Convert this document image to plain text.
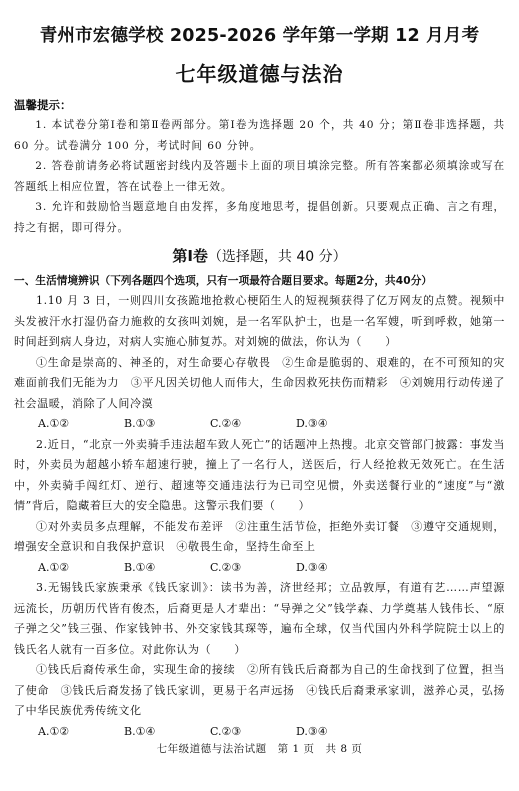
青州市宏德学校 2025-2026 学年第一学期 12 月月考
七年级道德与法治
温馨提示：

1. 本试卷分第Ⅰ卷和第Ⅱ卷两部分。第Ⅰ卷为选择题 20 个，共 40 分；第Ⅱ卷非选择题，共 60 分。试卷满分 100 分，考试时间 60 分钟。

2. 答卷前请务必将试题密封线内及答题卡上面的项目填涂完整。所有答案都必须填涂或写在答题纸上相应位置，答在试卷上一律无效。

3. 允许和鼓励恰当题意地自由发挥，多角度地思考，提倡创新。只要观点正确、言之有理，持之有据，即可得分。

第Ⅰ卷（选择题，共 40 分）

一、生活情境辨识（下列各题四个选项，只有一项最符合题目要求。每题2分，共40分）

1.10 月 3 日，一则四川女孩跪地抢救心梗陌生人的短视频获得了亿万网友的点赞。视频中头发被汗水打湿仍奋力施救的女孩叫刘婉，是一名军队护士，也是一名军嫂，听到呼救，她第一时间赶到病人身边，对病人实施心肺复苏。对刘婉的做法，你认为（　　）

①生命是崇高的、神圣的，对生命要心存敬畏　②生命是脆弱的、艰难的，在不可预知的灾难面前我们无能为力　③平凡因关切他人而伟大，生命因救死扶伤而精彩　④刘婉用行动传递了社会温暖，消除了人间冷漠

A.①②	B.①③	C.②④	D.③④

2.近日，“北京一外卖骑手违法超车致人死亡”的话题冲上热搜。北京交管部门披露：事发当时，外卖员为超越小轿车超速行驶，撞上了一名行人，送医后，行人经抢救无效死亡。在生活中，外卖骑手闯红灯、逆行、超速等交通违法行为已司空见惯，外卖送餐行业的“速度”与“激情”背后，隐藏着巨大的安全隐患。这警示我们要（　　）

①对外卖员多点理解，不能发布差评　②注重生活节俭，拒绝外卖订餐　③遵守交通规则，增强安全意识和自我保护意识　④敬畏生命，坚持生命至上

A.①②	B.①④	C.②③	D.③④

3.无锡钱氏家族秉承《钱氏家训》：读书为善，济世经邦；立品敦厚，有道有艺……声望源远流长，历朝历代皆有俊杰，后裔更是人才辈出：“导弹之父”钱学森、力学奠基人钱伟长、“原子弹之父”钱三强、作家钱钟书、外交家钱其琛等，遍布全球，仅当代国内外科学院院士以上的钱氏名人就有一百多位。对此你认为（　　）

①钱氏后裔传承生命，实现生命的接续　②所有钱氏后裔都为自己的生命找到了位置，担当了使命　③钱氏后裔发扬了钱氏家训，更易于名声远扬　④钱氏后裔秉承家训，滋养心灵，弘扬了中华民族优秀传统文化

A.①②	B.①④	C.②③	D.③④
七年级道德与法治试题　第 1 页　共 8 页
